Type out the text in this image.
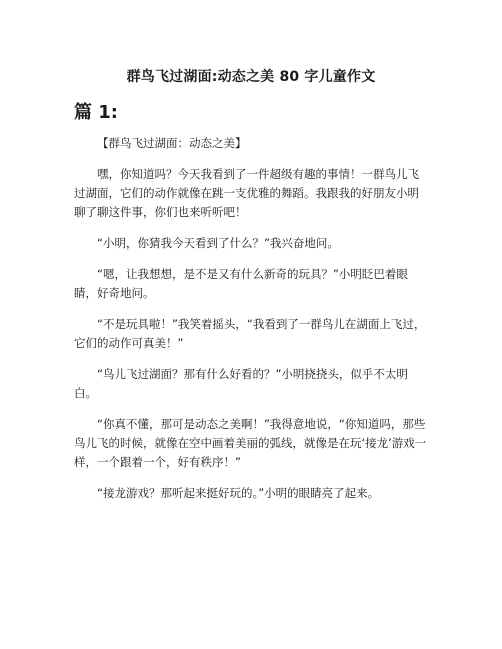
群鸟飞过湖面:动态之美 80 字儿童作文
篇 1:

【群鸟飞过湖面：动态之美】

嘿，你知道吗？今天我看到了一件超级有趣的事情！一群鸟儿飞过湖面，它们的动作就像在跳一支优雅的舞蹈。我跟我的好朋友小明聊了聊这件事，你们也来听听吧！

“小明，你猜我今天看到了什么？”我兴奋地问。

“嗯，让我想想，是不是又有什么新奇的玩具？”小明眨巴着眼睛，好奇地问。

“不是玩具啦！”我笑着摇头，“我看到了一群鸟儿在湖面上飞过，它们的动作可真美！”

“鸟儿飞过湖面？那有什么好看的？”小明挠挠头，似乎不太明白。

“你真不懂，那可是动态之美啊！”我得意地说，“你知道吗，那些鸟儿飞的时候，就像在空中画着美丽的弧线，就像是在玩‘接龙’游戏一样，一个跟着一个，好有秩序！”

“接龙游戏？那听起来挺好玩的。”小明的眼睛亮了起来。
